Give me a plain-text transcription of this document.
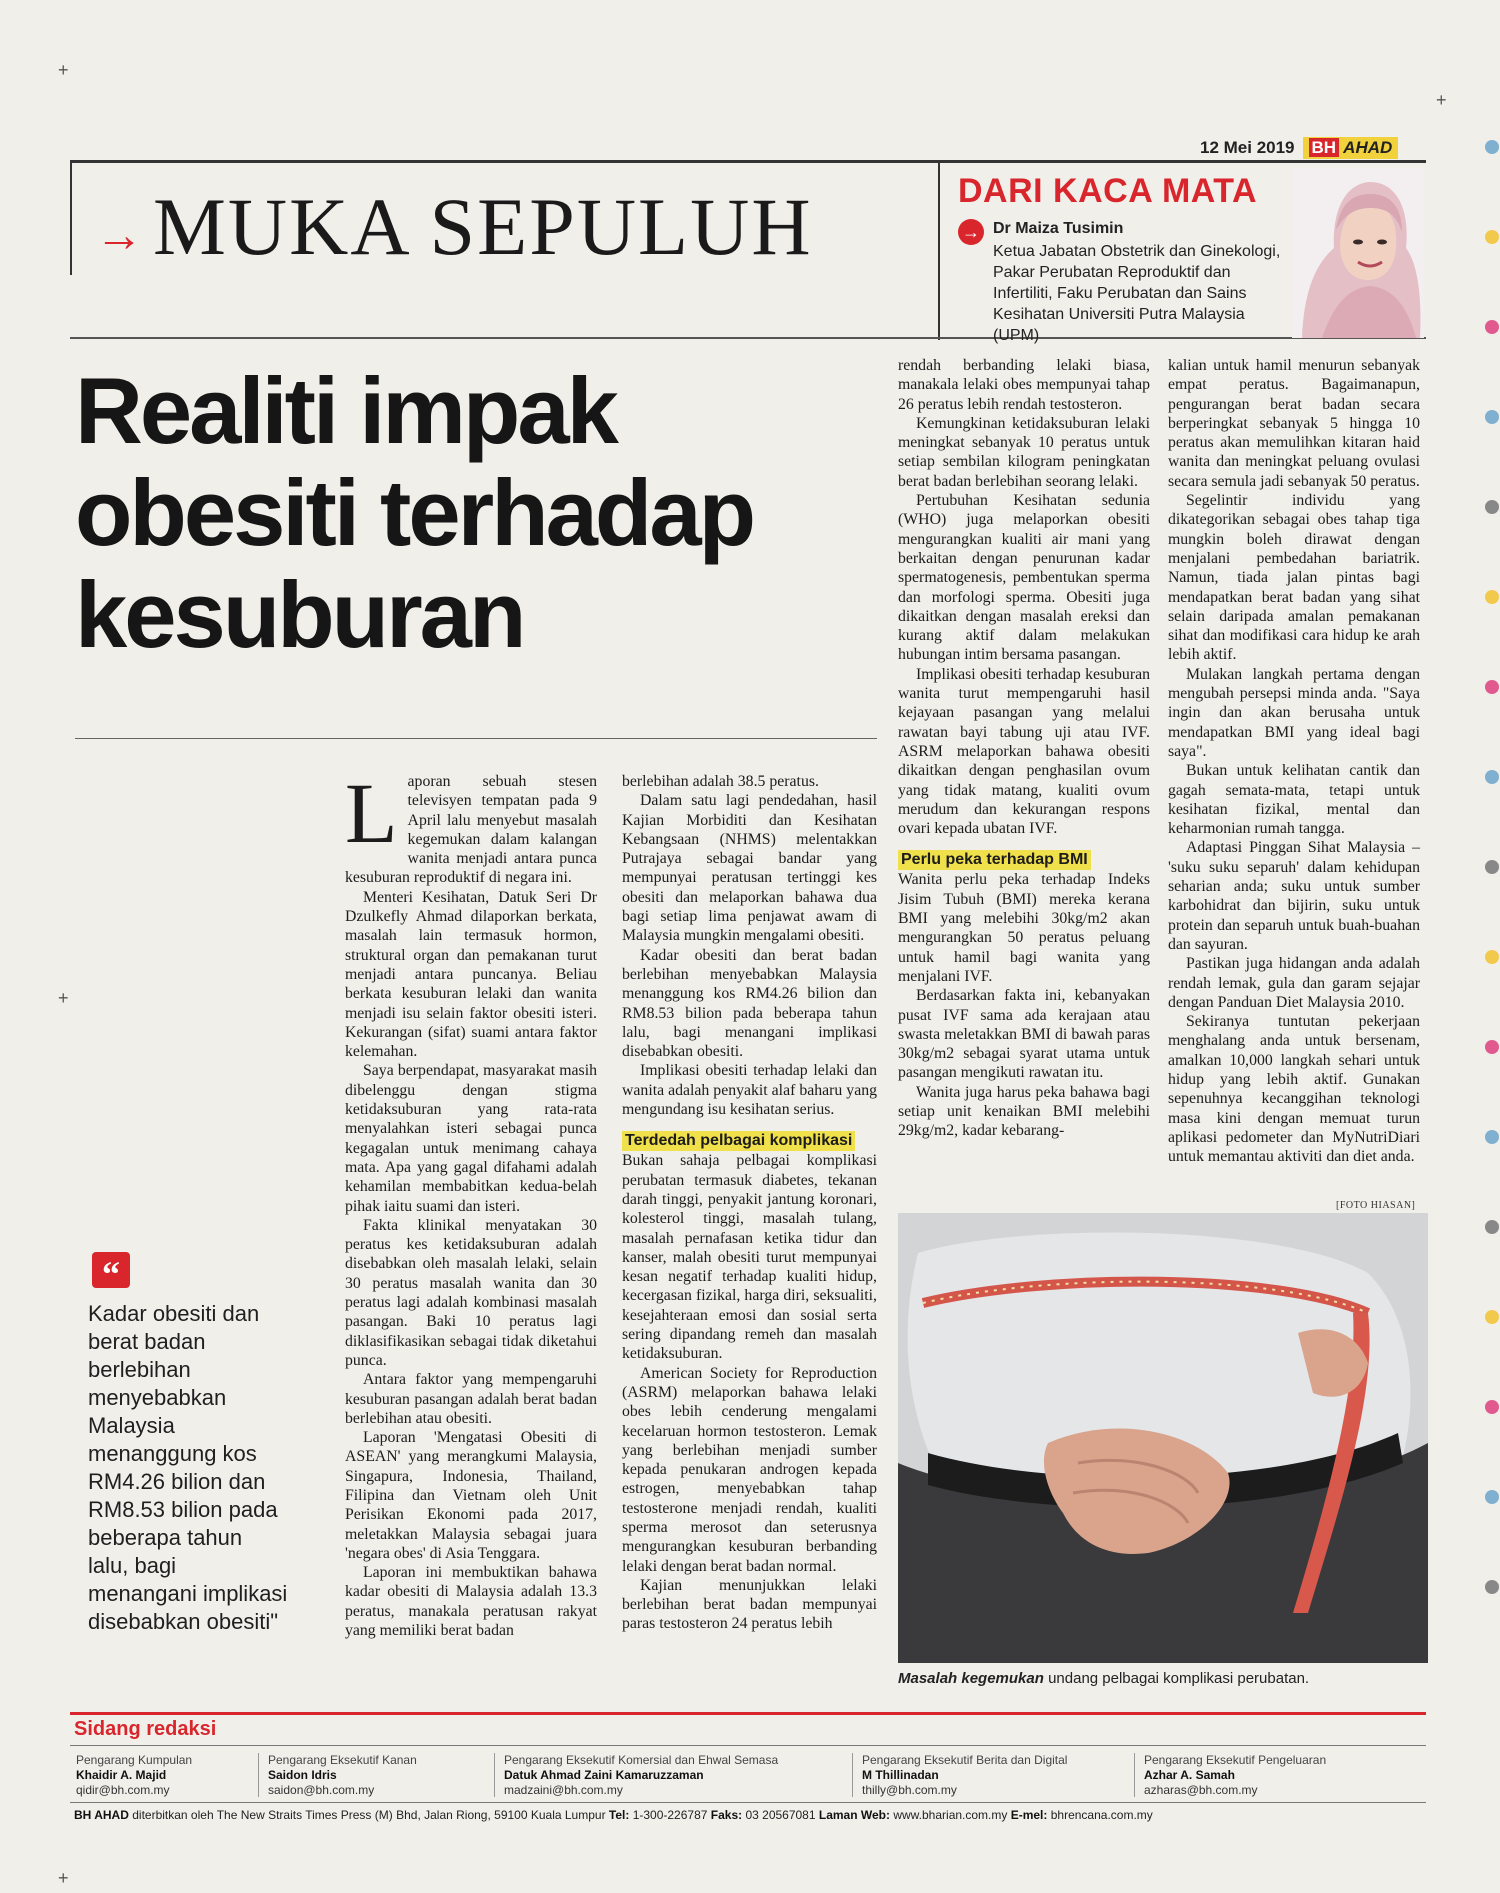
+
+
+
+
12 Mei 2019	BH AHAD
→MUKA SEPULUH	DARI KACA MATA
→ Dr Maiza Tusimin
Ketua Jabatan Obstetrik dan Ginekologi, Pakar Perubatan Reproduktif dan Infertiliti, Faku Perubatan dan Sains Kesihatan Universiti Putra Malaysia (UPM)
Realiti impak obesiti terhadap kesuburan

Laporan sebuah stesen televisyen tempatan pada 9 April lalu menyebut masalah kegemukan dalam kalangan wanita menjadi antara punca kesuburan reproduktif di negara ini.

Menteri Kesihatan, Datuk Seri Dr Dzulkefly Ahmad dilaporkan berkata, masalah lain termasuk hormon, struktural organ dan pemakanan turut menjadi antara puncanya. Beliau berkata kesuburan lelaki dan wanita menjadi isu selain faktor obesiti isteri. Kekurangan (sifat) suami antara faktor kelemahan.

Saya berpendapat, masyarakat masih dibelenggu dengan stigma ketidaksuburan yang rata-rata menyalahkan isteri sebagai punca kegagalan untuk menimang cahaya mata. Apa yang gagal difahami adalah kehamilan membabitkan kedua-belah pihak iaitu suami dan isteri.

Fakta klinikal menyatakan 30 peratus kes ketidaksuburan adalah disebabkan oleh masalah lelaki, selain 30 peratus masalah wanita dan 30 peratus lagi adalah kombinasi masalah pasangan. Baki 10 peratus lagi diklasifikasikan sebagai tidak diketahui punca.

Antara faktor yang mempengaruhi kesuburan pasangan adalah berat badan berlebihan atau obesiti.

Laporan 'Mengatasi Obesiti di ASEAN' yang merangkumi Malaysia, Singapura, Indonesia, Thailand, Filipina dan Vietnam oleh Unit Perisikan Ekonomi pada 2017, meletakkan Malaysia sebagai juara 'negara obes' di Asia Tenggara.

Laporan ini membuktikan bahawa kadar obesiti di Malaysia adalah 13.3 peratus, manakala peratusan rakyat yang memiliki berat badan

“
Kadar obesiti dan berat badan berlebihan menyebabkan Malaysia menanggung kos RM4.26 bilion dan RM8.53 bilion pada beberapa tahun lalu, bagi menangani implikasi disebabkan obesiti"

berlebihan adalah 38.5 peratus.

Dalam satu lagi pendedahan, hasil Kajian Morbiditi dan Kesihatan Kebangsaan (NHMS) melentakkan Putrajaya sebagai bandar yang mempunyai peratusan tertinggi kes obesiti dan melaporkan bahawa dua bagi setiap lima penjawat awam di Malaysia mungkin mengalami obesiti.

Kadar obesiti dan berat badan berlebihan menyebabkan Malaysia menanggung kos RM4.26 bilion dan RM8.53 bilion pada beberapa tahun lalu, bagi menangani implikasi disebabkan obesiti.

Implikasi obesiti terhadap lelaki dan wanita adalah penyakit alaf baharu yang mengundang isu kesihatan serius.

Terdedah pelbagai komplikasi

Bukan sahaja pelbagai komplikasi perubatan termasuk diabetes, tekanan darah tinggi, penyakit jantung koronari, kolesterol tinggi, masalah tulang, masalah pernafasan ketika tidur dan kanser, malah obesiti turut mempunyai kesan negatif terhadap kualiti hidup, kecergasan fizikal, harga diri, seksualiti, kesejahteraan emosi dan sosial serta sering dipandang remeh dan masalah ketidaksuburan.

American Society for Reproduction (ASRM) melaporkan bahawa lelaki obes lebih cenderung mengalami kecelaruan hormon testosteron. Lemak yang berlebihan menjadi sumber kepada penukaran androgen kepada estrogen, menyebabkan tahap testosterone menjadi rendah, kualiti sperma merosot dan seterusnya mengurangkan kesuburan berbanding lelaki dengan berat badan normal.

Kajian menunjukkan lelaki berlebihan berat badan mempunyai paras testosteron 24 peratus lebih

rendah berbanding lelaki biasa, manakala lelaki obes mempunyai tahap 26 peratus lebih rendah testosteron.

Kemungkinan ketidaksuburan lelaki meningkat sebanyak 10 peratus untuk setiap sembilan kilogram peningkatan berat badan berlebihan seorang lelaki.

Pertubuhan Kesihatan sedunia (WHO) juga melaporkan obesiti mengurangkan kualiti air mani yang berkaitan dengan penurunan kadar spermatogenesis, pembentukan sperma dan morfologi sperma. Obesiti juga dikaitkan dengan masalah ereksi dan kurang aktif dalam melakukan hubungan intim bersama pasangan.

Implikasi obesiti terhadap kesuburan wanita turut mempengaruhi hasil kejayaan pasangan yang melalui rawatan bayi tabung uji atau IVF. ASRM melaporkan bahawa obesiti dikaitkan dengan penghasilan ovum yang tidak matang, kualiti ovum merudum dan kekurangan respons ovari kepada ubatan IVF.

Perlu peka terhadap BMI

Wanita perlu peka terhadap Indeks Jisim Tubuh (BMI) mereka kerana BMI yang melebihi 30kg/m2 akan mengurangkan 50 peratus peluang untuk hamil bagi wanita yang menjalani IVF.

Berdasarkan fakta ini, kebanyakan pusat IVF sama ada kerajaan atau swasta meletakkan BMI di bawah paras 30kg/m2 sebagai syarat utama untuk pasangan mengikuti rawatan itu.

Wanita juga harus peka bahawa bagi setiap unit kenaikan BMI melebihi 29kg/m2, kadar kebarang-

kalian untuk hamil menurun sebanyak empat peratus. Bagaimanapun, pengurangan berat badan secara berperingkat sebanyak 5 hingga 10 peratus akan memulihkan kitaran haid wanita dan meningkat peluang ovulasi secara semula jadi sebanyak 50 peratus.

Segelintir individu yang dikategorikan sebagai obes tahap tiga mungkin boleh dirawat dengan menjalani pembedahan bariatrik. Namun, tiada jalan pintas bagi mendapatkan berat badan yang sihat selain daripada amalan pemakanan sihat dan modifikasi cara hidup ke arah lebih aktif.

Mulakan langkah pertama dengan mengubah persepsi minda anda. "Saya ingin dan akan berusaha untuk mendapatkan BMI yang ideal bagi saya".

Bukan untuk kelihatan cantik dan gagah semata-mata, tetapi untuk kesihatan fizikal, mental dan keharmonian rumah tangga.

Adaptasi Pinggan Sihat Malaysia – 'suku suku separuh' dalam kehidupan seharian anda; suku untuk sumber karbohidrat dan bijirin, suku untuk protein dan separuh untuk buah-buahan dan sayuran.

Pastikan juga hidangan anda adalah rendah lemak, gula dan garam sejajar dengan Panduan Diet Malaysia 2010.

Sekiranya tuntutan pekerjaan menghalang anda untuk bersenam, amalkan 10,000 langkah sehari untuk hidup yang lebih aktif. Gunakan sepenuhnya kecanggihan teknologi masa kini dengan memuat turun aplikasi pedometer dan MyNutriDiari untuk memantau aktiviti dan diet anda.

[FOTO HIASAN]
Masalah kegemukan undang pelbagai komplikasi perubatan.
Sidang redaksi
Pengarang Kumpulan
Khaidir A. Majid
qidir@bh.com.my
Pengarang Eksekutif Kanan
Saidon Idris
saidon@bh.com.my
Pengarang Eksekutif Komersial dan Ehwal Semasa
Datuk Ahmad Zaini Kamaruzzaman
madzaini@bh.com.my
Pengarang Eksekutif Berita dan Digital
M Thillinadan
thilly@bh.com.my
Pengarang Eksekutif Pengeluaran
Azhar A. Samah
azharas@bh.com.my
BH AHAD diterbitkan oleh The New Straits Times Press (M) Bhd, Jalan Riong, 59100 Kuala Lumpur Tel: 1-300-226787 Faks: 03 20567081 Laman Web: www.bharian.com.my E-mel: bhrencana.com.my
